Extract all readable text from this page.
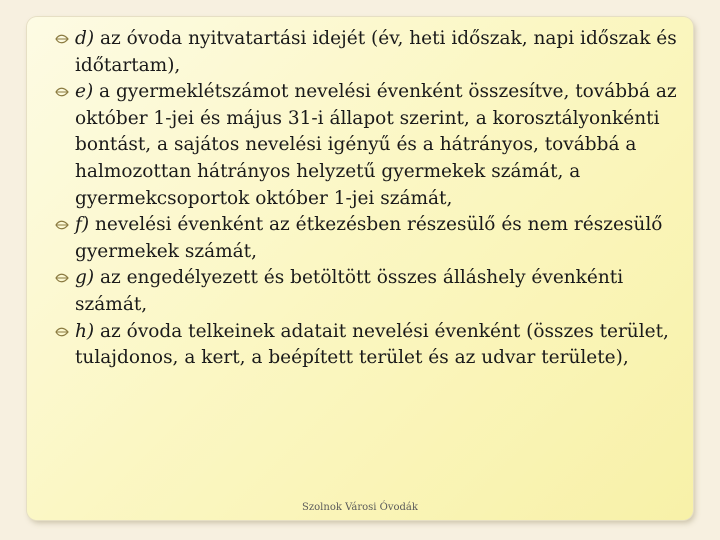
d) az óvoda nyitvatartási idejét (év, heti időszak, napi időszak és időtartam),

e) a gyermeklétszámot nevelési évenként összesítve, továbbá az október 1-jei és május 31-i állapot szerint, a korosztályonkénti bontást, a sajátos nevelési igényű és a hátrányos, továbbá a halmozottan hátrányos helyzetű gyermekek számát, a gyermekcsoportok október 1-jei számát,

f) nevelési évenként az étkezésben részesülő és nem részesülő gyermekek számát,

g) az engedélyezett és betöltött összes álláshely évenkénti számát,

h) az óvoda telkeinek adatait nevelési évenként (összes terület, tulajdonos, a kert, a beépített terület és az udvar területe),

Szolnok Városi Óvodák
